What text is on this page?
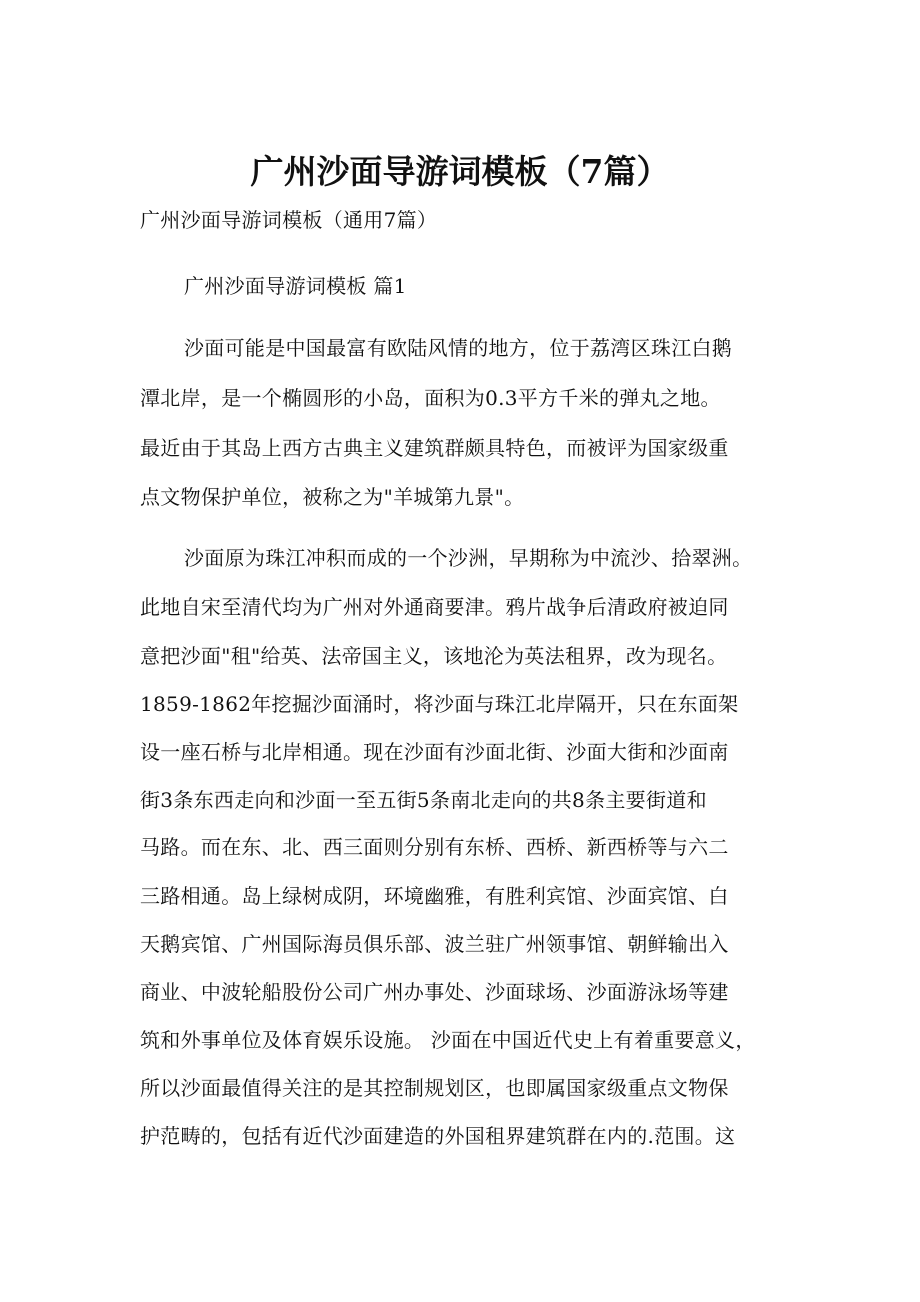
广州沙面导游词模板（7篇）
广州沙面导游词模板（通用7篇）
广州沙面导游词模板 篇1
沙面可能是中国最富有欧陆风情的地方，位于荔湾区珠江白鹅
潭北岸，是一个椭圆形的小岛，面积为0.3平方千米的弹丸之地。
最近由于其岛上西方古典主义建筑群颇具特色，而被评为国家级重
点文物保护单位，被称之为"羊城第九景"。
沙面原为珠江冲积而成的一个沙洲，早期称为中流沙、拾翠洲。
此地自宋至清代均为广州对外通商要津。鸦片战争后清政府被迫同
意把沙面"租"给英、法帝国主义，该地沦为英法租界，改为现名。
1859-1862年挖掘沙面涌时，将沙面与珠江北岸隔开，只在东面架
设一座石桥与北岸相通。现在沙面有沙面北街、沙面大街和沙面南
街3条东西走向和沙面一至五街5条南北走向的共8条主要街道和
马路。而在东、北、西三面则分别有东桥、西桥、新西桥等与六二
三路相通。岛上绿树成阴，环境幽雅，有胜利宾馆、沙面宾馆、白
天鹅宾馆、广州国际海员俱乐部、波兰驻广州领事馆、朝鲜输出入
商业、中波轮船股份公司广州办事处、沙面球场、沙面游泳场等建
筑和外事单位及体育娱乐设施。 沙面在中国近代史上有着重要意义，
所以沙面最值得关注的是其控制规划区，也即属国家级重点文物保
护范畴的，包括有近代沙面建造的外国租界建筑群在内的.范围。这
